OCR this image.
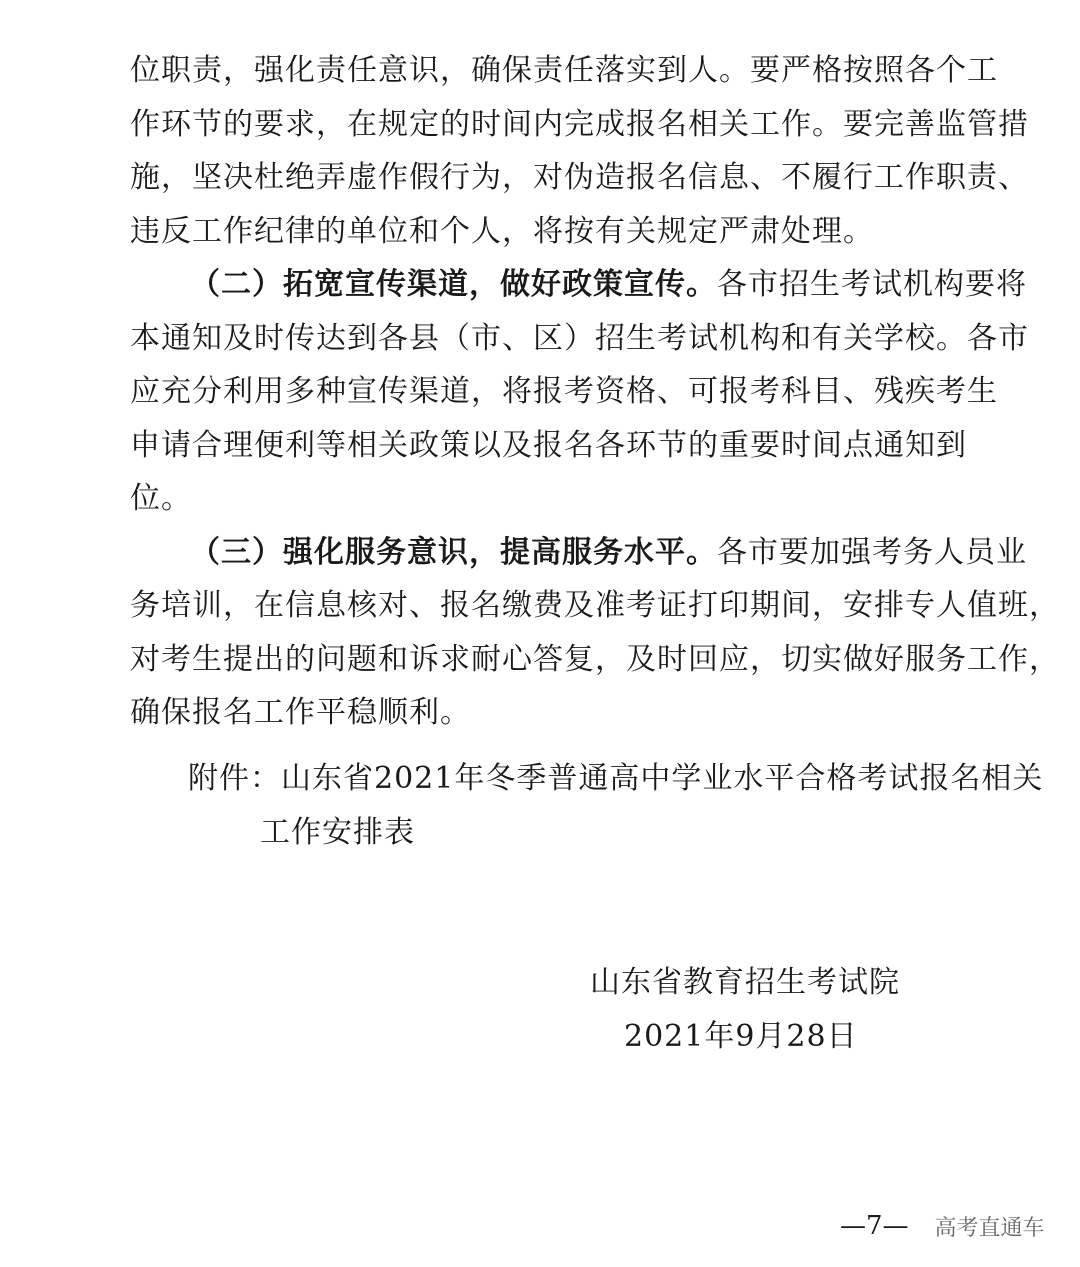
位职责，强化责任意识，确保责任落实到人。要严格按照各个工
作环节的要求，在规定的时间内完成报名相关工作。要完善监管措
施，坚决杜绝弄虚作假行为，对伪造报名信息、不履行工作职责、
违反工作纪律的单位和个人，将按有关规定严肃处理。
（二）拓宽宣传渠道，做好政策宣传。各市招生考试机构要将
本通知及时传达到各县（市、区）招生考试机构和有关学校。各市
应充分利用多种宣传渠道，将报考资格、可报考科目、残疾考生
申请合理便利等相关政策以及报名各环节的重要时间点通知到
位。
（三）强化服务意识，提高服务水平。各市要加强考务人员业
务培训，在信息核对、报名缴费及准考证打印期间，安排专人值班，
对考生提出的问题和诉求耐心答复，及时回应，切实做好服务工作，
确保报名工作平稳顺利。
附件：山东省2021年冬季普通高中学业水平合格考试报名相关
工作安排表
山东省教育招生考试院
2021年9月28日
—7— 高考直通车
